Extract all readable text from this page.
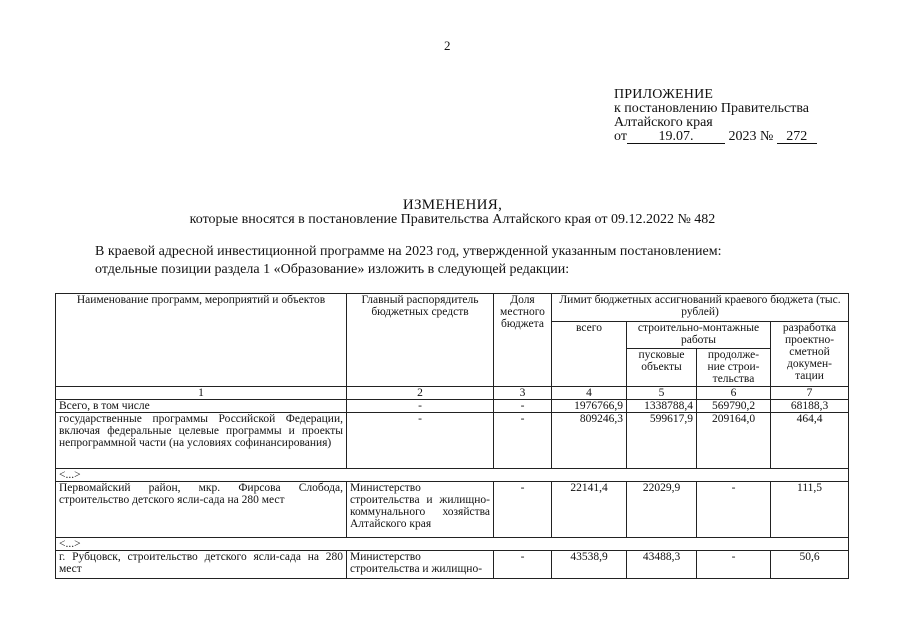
2
ПРИЛОЖЕНИЕ
к постановлению Правительства
Алтайского края
от 19.07.	2023 № 272
ИЗМЕНЕНИЯ,
которые вносятся в постановление Правительства Алтайского края от 09.12.2022 № 482
В краевой адресной инвестиционной программе на 2023 год, утвержденной указанным постановлением:
отдельные позиции раздела 1 «Образование» изложить в следующей редакции:
Наименование программ, мероприятий и объектов	Главный распорядитель бюджетных средств	Доля местного бюджета	Лимит бюджетных ассигнований краевого бюджета (тыс. рублей)			
			всего	строительно-монтажные работы		разработка проектно-сметной докумен-тации
				пусковые объекты	продолже-ние строи-тельства	
1	2	3	4	5	6	7
Всего, в том числе	-	-	1976766,9	1338788,4	569790,2	68188,3
государственные программы Российской Федерации, включая федеральные целевые программы и проекты непрограммной части (на условиях софинансирования)	-	-	809246,3	599617,9	209164,0	464,4
<...>						
Первомайский район, мкр. Фирсова Слобода, строительство детского ясли-сада на 280 мест	Министерство строительства и жилищно-коммунального хозяйства Алтайского края	-	22141,4	22029,9	-	111,5
<...>						
г. Рубцовск, строительство детского ясли-сада на 280 мест	Министерство строительства и жилищно-	-	43538,9	43488,3	-	50,6
